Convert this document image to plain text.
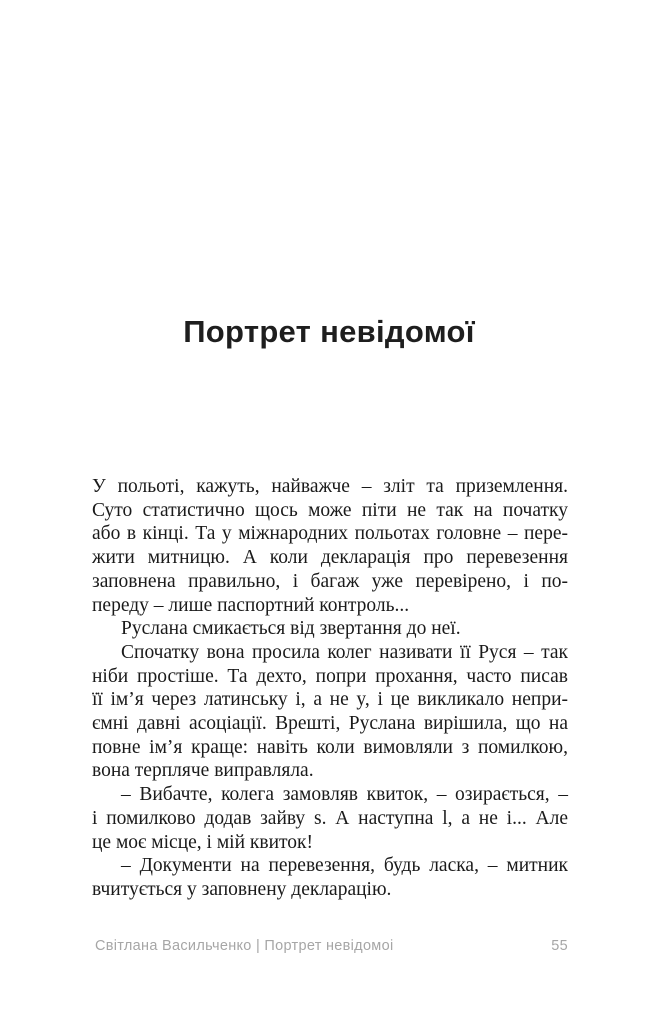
Портрет невідомої
У польоті, кажуть, найважче – зліт та приземлення.
Суто статистично щось може піти не так на початку
або в кінці. Та у міжнародних польотах головне – пере-
жити митницю. А коли декларація про перевезення
заповнена правильно, і багаж уже перевірено, і по-
переду – лише паспортний контроль...
Руслана смикається від звертання до неї.
Спочатку вона просила колег називати її Руся – так
ніби простіше. Та дехто, попри прохання, часто писав
її ім’я через латинську i, а не y, і це викликало непри-
ємні давні асоціації. Врешті, Руслана вирішила, що на
повне ім’я краще: навіть коли вимовляли з помилкою,
вона терпляче виправляла.
– Вибачте, колега замовляв квиток, – озирається, –
і помилково додав зайву s. А наступна l, а не i... Але
це моє місце, і мій квиток!
– Документи на перевезення, будь ласка, – митник
вчитується у заповнену декларацію.
Світлана Васильченко | Портрет невідомоі	55
